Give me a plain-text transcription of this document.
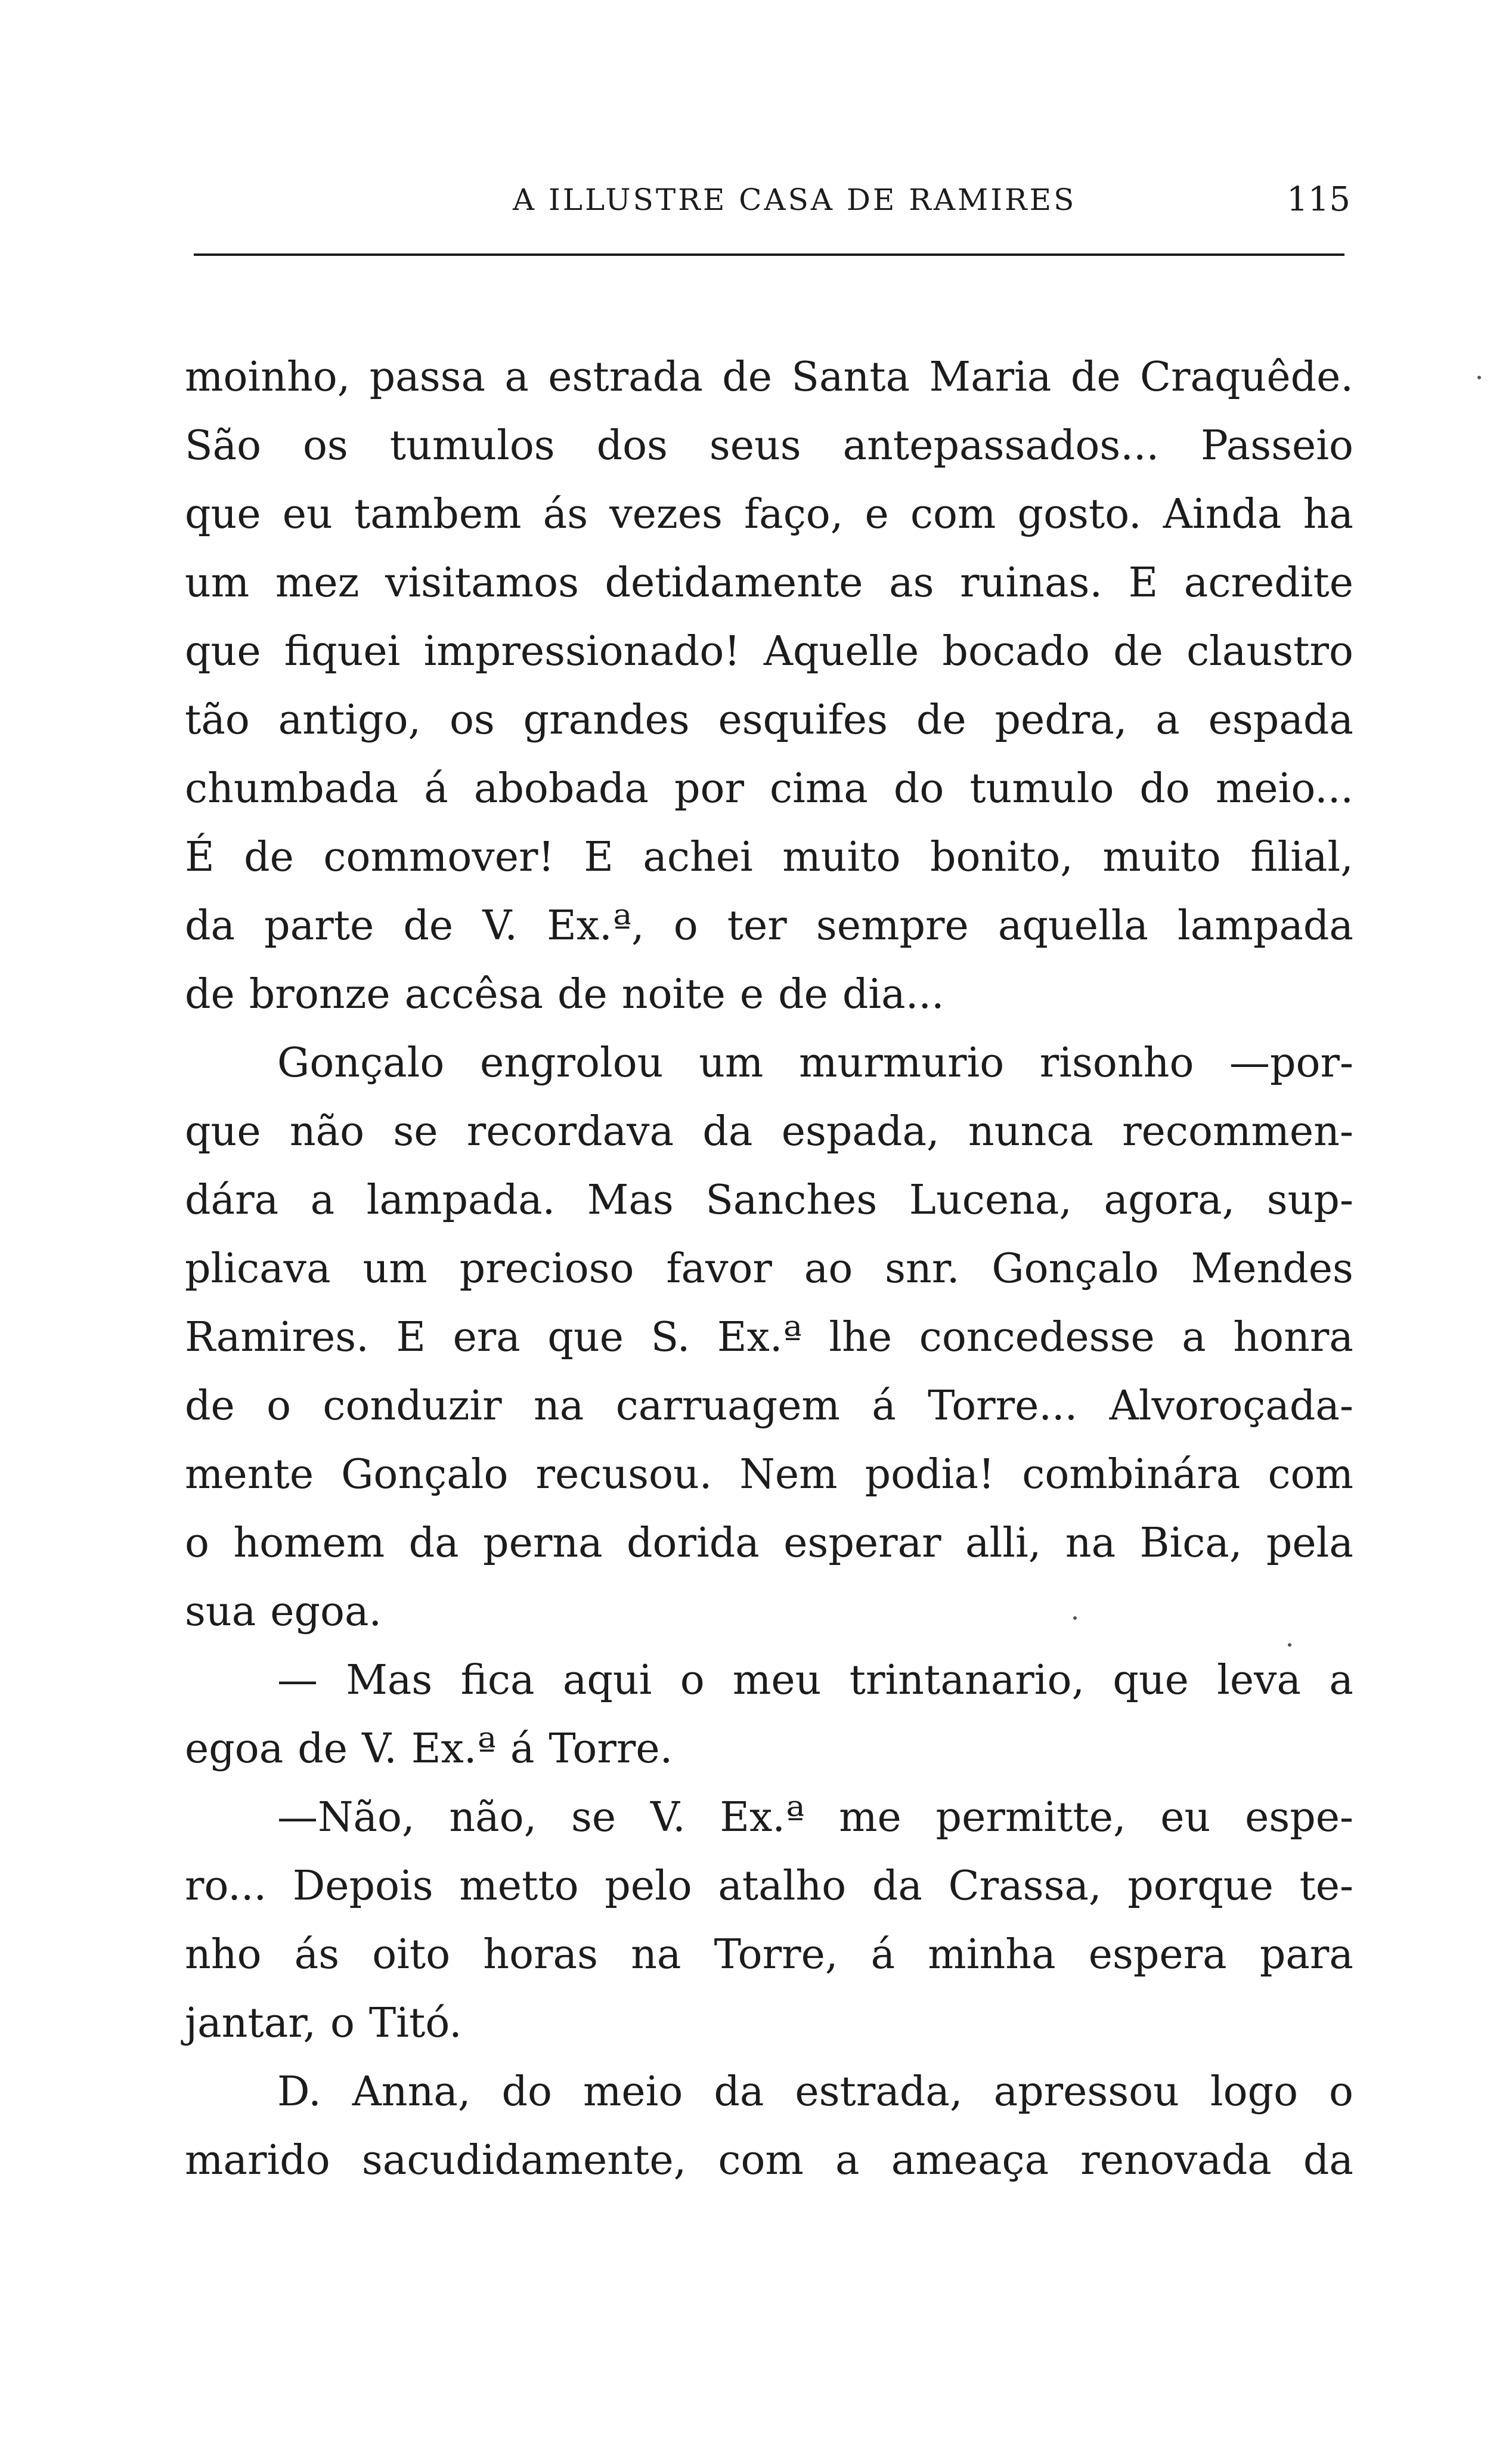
A ILLUSTRE CASA DE RAMIRES	115
moinho, passa a estrada de Santa Maria de Craquêde.
São os tumulos dos seus antepassados... Passeio
que eu tambem ás vezes faço, e com gosto. Ainda ha
um mez visitamos detidamente as ruinas. E acredite
que fiquei impressionado! Aquelle bocado de claustro
tão antigo, os grandes esquifes de pedra, a espada
chumbada á abobada por cima do tumulo do meio...
É de commover! E achei muito bonito, muito filial,
da parte de V. Ex.ª, o ter sempre aquella lampada
de bronze accêsa de noite e de dia...
Gonçalo engrolou um murmurio risonho —por-
que não se recordava da espada, nunca recommen-
dára a lampada. Mas Sanches Lucena, agora, sup-
plicava um precioso favor ao snr. Gonçalo Mendes
Ramires. E era que S. Ex.ª lhe concedesse a honra
de o conduzir na carruagem á Torre... Alvoroçada-
mente Gonçalo recusou. Nem podia! combinára com
o homem da perna dorida esperar alli, na Bica, pela
sua egoa.
— Mas fica aqui o meu trintanario, que leva a
egoa de V. Ex.ª á Torre.
—Não, não, se V. Ex.ª me permitte, eu espe-
ro... Depois metto pelo atalho da Crassa, porque te-
nho ás oito horas na Torre, á minha espera para
jantar, o Titó.
D. Anna, do meio da estrada, apressou logo o
marido sacudidamente, com a ameaça renovada da
